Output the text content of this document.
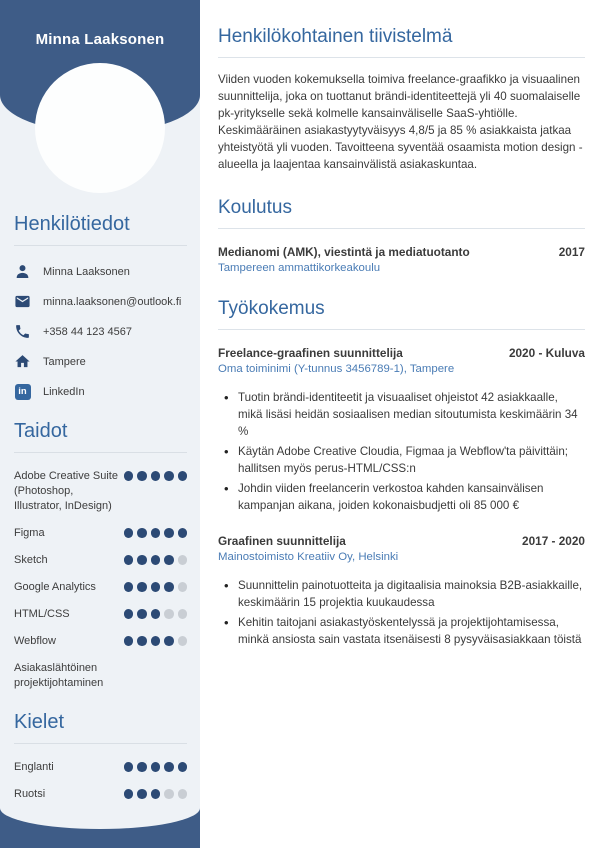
Minna Laaksonen
Henkilötiedot
Minna Laaksonen
minna.laaksonen@outlook.fi
+358 44 123 4567
Tampere
in	LinkedIn
Taidot
Adobe Creative Suite (Photoshop, Illustrator, InDesign)
Figma
Sketch
Google Analytics
HTML/CSS
Webflow
Asiakaslähtöinen projektijohtaminen
Kielet
Englanti
Ruotsi
Henkilökohtainen tiivistelmä

Viiden vuoden kokemuksella toimiva freelance-graafikko ja visuaalinen suunnittelija, joka on tuottanut brändi-identiteettejä yli 40 suomalaiselle pk-yritykselle sekä kolmelle kansainväliselle SaaS-yhtiölle. Keskimääräinen asiakastyytyväisyys 4,8/5 ja 85 % asiakkaista jatkaa yhteistyötä yli vuoden. Tavoitteena syventää osaamista motion design -alueella ja laajentaa kansainvälistä asiakaskuntaa.

Koulutus
Medianomi (AMK), viestintä ja mediatuotanto	2017
Tampereen ammattikorkeakoulu
Työkokemus
Freelance-graafinen suunnittelija	2020 - Kuluva
Oma toiminimi (Y-tunnus 3456789-1), Tampere
• Tuotin brändi-identiteetit ja visuaaliset ohjeistot 42 asiakkaalle, mikä lisäsi heidän sosiaalisen median sitoutumista keskimäärin 34 %
• Käytän Adobe Creative Cloudia, Figmaa ja Webflow'ta päivittäin; hallitsen myös perus-HTML/CSS:n
• Johdin viiden freelancerin verkostoa kahden kansainvälisen kampanjan aikana, joiden kokonaisbudjetti oli 85 000 €
Graafinen suunnittelija	2017 - 2020
Mainostoimisto Kreatiiv Oy, Helsinki
• Suunnittelin painotuotteita ja digitaalisia mainoksia B2B-asiakkaille, keskimäärin 15 projektia kuukaudessa
• Kehitin taitojani asiakastyöskentelyssä ja projektijohtamisessa, minkä ansiosta sain vastata itsenäisesti 8 pysyväisasiakkaan töistä
